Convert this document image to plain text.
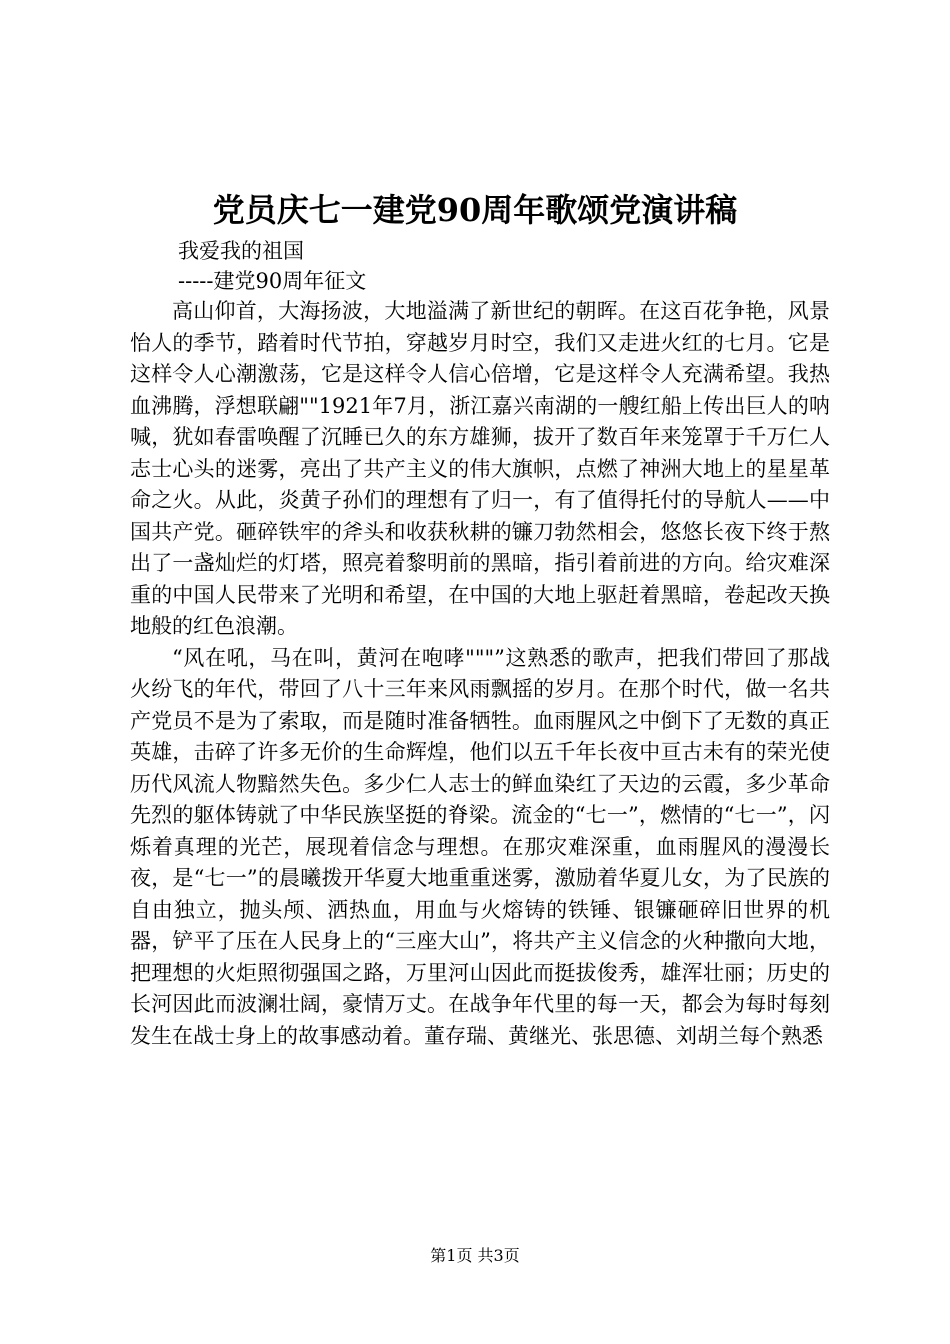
党员庆七一建党90周年歌颂党演讲稿
我爱我的祖国
-----建党90周年征文

高山仰首，大海扬波，大地溢满了新世纪的朝晖。在这百花争艳，风景怡人的季节，踏着时代节拍，穿越岁月时空，我们又走进火红的七月。它是这样令人心潮激荡，它是这样令人信心倍增，它是这样令人充满希望。我热血沸腾，浮想联翩""1921年7月，浙江嘉兴南湖的一艘红船上传出巨人的呐喊，犹如春雷唤醒了沉睡已久的东方雄狮，拔开了数百年来笼罩于千万仁人志士心头的迷雾，亮出了共产主义的伟大旗帜，点燃了神洲大地上的星星革命之火。从此，炎黄子孙们的理想有了归一，有了值得托付的导航人——中国共产党。砸碎铁牢的斧头和收获秋耕的镰刀勃然相会，悠悠长夜下终于熬出了一盏灿烂的灯塔，照亮着黎明前的黑暗，指引着前进的方向。给灾难深重的中国人民带来了光明和希望，在中国的大地上驱赶着黑暗，卷起改天换地般的红色浪潮。

“风在吼，马在叫，黄河在咆哮"""”这熟悉的歌声，把我们带回了那战火纷飞的年代，带回了八十三年来风雨飘摇的岁月。在那个时代，做一名共产党员不是为了索取，而是随时准备牺牲。血雨腥风之中倒下了无数的真正英雄，击碎了许多无价的生命辉煌，他们以五千年长夜中亘古未有的荣光使历代风流人物黯然失色。多少仁人志士的鲜血染红了天边的云霞，多少革命先烈的躯体铸就了中华民族坚挺的脊梁。流金的“七一”，燃情的“七一”，闪烁着真理的光芒，展现着信念与理想。在那灾难深重，血雨腥风的漫漫长夜，是“七一”的晨曦拨开华夏大地重重迷雾，激励着华夏儿女，为了民族的自由独立，抛头颅、洒热血，用血与火熔铸的铁锤、银镰砸碎旧世界的机器，铲平了压在人民身上的“三座大山”，将共产主义信念的火种撒向大地，把理想的火炬照彻强国之路，万里河山因此而挺拔俊秀，雄浑壮丽；历史的长河因此而波澜壮阔，豪情万丈。在战争年代里的每一天，都会为每时每刻发生在战士身上的故事感动着。董存瑞、黄继光、张思德、刘胡兰每个熟悉

第1页 共3页
